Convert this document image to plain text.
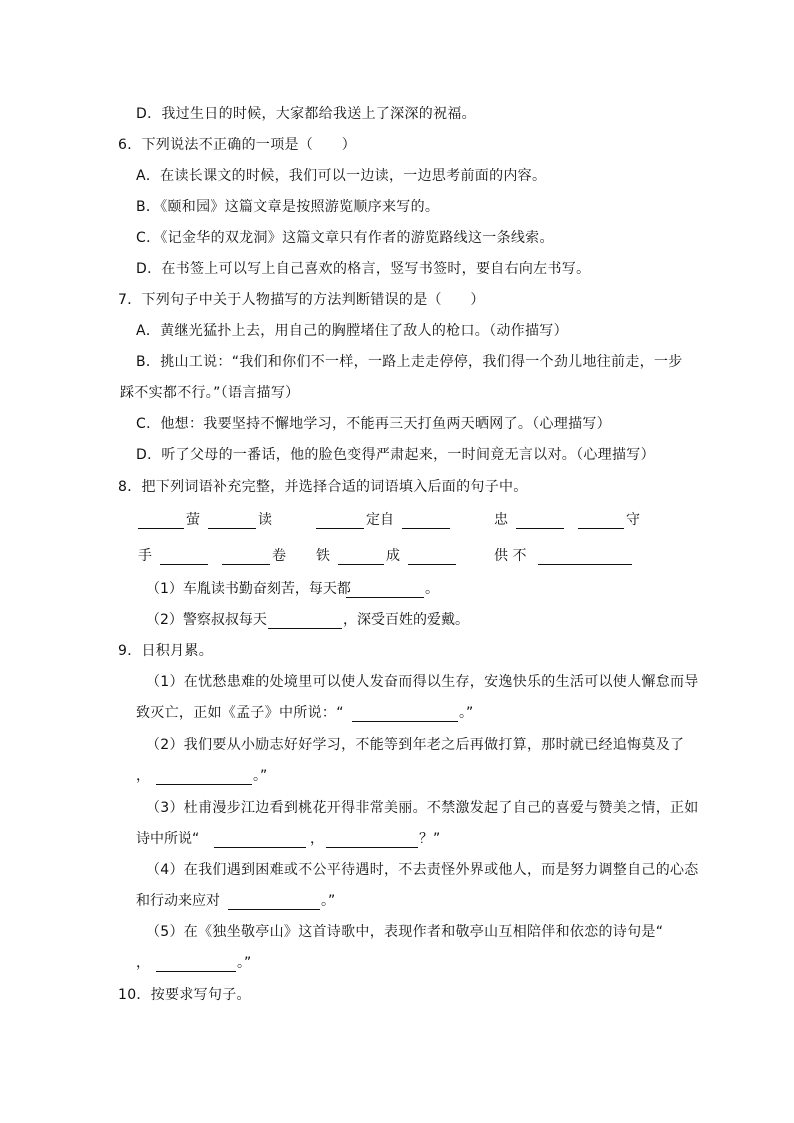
D．我过生日的时候，大家都给我送上了深深的祝福。
6．下列说法不正确的一项是（　　）
A．在读长课文的时候，我们可以一边读，一边思考前面的内容。
B．《颐和园》这篇文章是按照游览顺序来写的。
C．《记金华的双龙洞》这篇文章只有作者的游览路线这一条线索。
D．在书签上可以写上自己喜欢的格言，竖写书签时，要自右向左书写。
7．下列句子中关于人物描写的方法判断错误的是（　　）
A．黄继光猛扑上去，用自己的胸膛堵住了敌人的枪口。（动作描写）
B．挑山工说：“我们和你们不一样，一路上走走停停，我们得一个劲儿地往前走，一步
踩不实都不行。”（语言描写）
C．他想：我要坚持不懈地学习，不能再三天打鱼两天晒网了。（心理描写）
D．听了父母的一番话，他的脸色变得严肃起来，一时间竟无言以对。（心理描写）
8．把下列词语补充完整，并选择合适的词语填入后面的句子中。
萤	读	定自	忠	守
手	卷 铁	成	供 不
（1）车胤读书勤奋刻苦，每天都	。
（2）警察叔叔每天	，深受百姓的爱戴。
9．日积月累。
（1）在忧愁患难的处境里可以使人发奋而得以生存，安逸快乐的生活可以使人懈怠而导
致灭亡，正如《孟子》中所说：“	。”
（2）我们要从小励志好好学习，不能等到年老之后再做打算，那时就已经追悔莫及了
，	。”
（3）杜甫漫步江边看到桃花开得非常美丽。不禁激发起了自己的喜爱与赞美之情，正如
诗中所说“	，	？”
（4）在我们遇到困难或不公平待遇时，不去责怪外界或他人，而是努力调整自己的心态
和行动来应对	。”
（5）在《独坐敬亭山》这首诗歌中，表现作者和敬亭山互相陪伴和依恋的诗句是“
，	。”
10．按要求写句子。
